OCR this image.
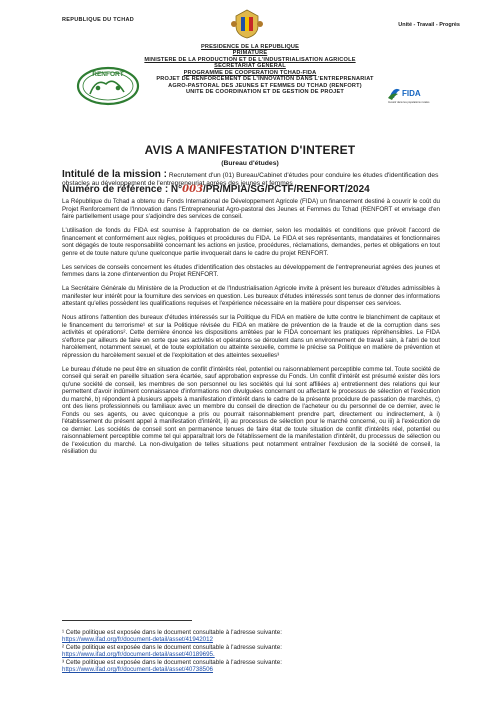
REPUBLIQUE DU TCHAD
Unité - Travail - Progrès
PRESIDENCE DE LA REPUBLIQUE
PRIMATURE
MINISTERE DE LA PRODUCTION ET DE L'INDUSTRIALISATION AGRICOLE
SECRETARIAT GENERAL
PROGRAMME DE COOPERATION TCHAD-FIDA
RENFORT
PROJET DE RENFORCEMENT DE L'INNOVATION DANS L'ENTREPRENARIAT
AGRO-PASTORAL DES JEUNES ET FEMMES DU TCHAD (RENFORT)
UNITE DE COORDINATION ET DE GESTION DE PROJET	FIDA
Investir dans les populations rurales
AVIS A MANIFESTATION D'INTERET
(Bureau d'études)
Intitulé de la mission : Recrutement d'un (01) Bureau/Cabinet d'études pour conduire les études d'identification des obstacles au développement de l'entrepreneuriat agrées des jeunes et femmes
Numéro de référence : N°003/PR/MPIA/SG/PCTF/RENFORT/2024

La République du Tchad a obtenu du Fonds International de Développement Agricole (FIDA) un financement destiné à couvrir le coût du Projet Renforcement de l'Innovation dans l'Entrepreneuriat Agro-pastoral des Jeunes et Femmes du Tchad (RENFORT et envisage d'en faire partiellement usage pour s'adjoindre des services de conseil.

L'utilisation de fonds du FIDA est soumise à l'approbation de ce dernier, selon les modalités et conditions que prévoit l'accord de financement et conformément aux règles, politiques et procédures du FIDA. Le FIDA et ses représentants, mandataires et fonctionnaires sont dégagés de toute responsabilité concernant les actions en justice, procédures, réclamations, demandes, pertes et obligations en tout genre et de toute nature qu'une quelconque partie invoquerait dans le cadre du projet RENFORT.

Les services de conseils concernent les études d'identification des obstacles au développement de l'entrepreneuriat agrées des jeunes et femmes dans la zone d'intervention du Projet RENFORT.

La Secrétaire Générale du Ministère de la Production et de l'Industrialisation Agricole invite à présent les bureaux d'études admissibles à manifester leur intérêt pour la fourniture des services en question. Les bureaux d'études intéressés sont tenus de donner des informations attestant qu'elles possèdent les qualifications requises et l'expérience nécessaire en la matière pour dispenser ces services.

Nous attirons l'attention des bureaux d'études intéressés sur la Politique du FIDA en matière de lutte contre le blanchiment de capitaux et le financement du terrorisme¹ et sur la Politique révisée du FIDA en matière de prévention de la fraude et de la corruption dans ses activités et opérations². Cette dernière énonce les dispositions arrêtées par le FIDA concernant les pratiques répréhensibles. Le FIDA s'efforce par ailleurs de faire en sorte que ses activités et opérations se déroulent dans un environnement de travail sain, à l'abri de tout harcèlement, notamment sexuel, et de toute exploitation ou atteinte sexuelle, comme le précise sa Politique en matière de prévention et répression du harcèlement sexuel et de l'exploitation et des atteintes sexuelles³

Le bureau d'étude ne peut être en situation de conflit d'intérêts réel, potentiel ou raisonnablement perceptible comme tel. Toute société de conseil qui serait en pareille situation sera écartée, sauf approbation expresse du Fonds. Un conflit d'intérêt est présumé exister dès lors qu'une société de conseil, les membres de son personnel ou les sociétés qui lui sont affiliées a) entretiennent des relations qui leur permettent d'avoir indûment connaissance d'informations non divulguées concernant ou affectant le processus de sélection et l'exécution du marché, b) répondent à plusieurs appels à manifestation d'intérêt dans le cadre de la présente procédure de passation de marchés, c) ont des liens professionnels ou familiaux avec un membre du conseil de direction de l'acheteur ou du personnel de ce dernier, avec le Fonds ou ses agents, ou avec quiconque a pris ou pourrait raisonnablement prendre part, directement ou indirectement, à i) l'établissement du présent appel à manifestation d'intérêt, ii) au processus de sélection pour le marché concerné, ou iii) à l'exécution de ce dernier. Les sociétés de conseil sont en permanence tenues de faire état de toute situation de conflit d'intérêts réel, potentiel ou raisonnablement perceptible comme tel qui apparaîtrait lors de l'établissement de la manifestation d'intérêt, du processus de sélection ou de l'exécution du marché. La non-divulgation de telles situations peut notamment entraîner l'exclusion de la société de conseil, la résiliation du

¹ Cette politique est exposée dans le document consultable à l'adresse suivante:
https://www.ifad.org/fr/document-detail/asset/41942012
² Cette politique est exposée dans le document consultable à l'adresse suivante:
https://www.ifad.org/fr/document-detail/asset/40189695.
³ Cette politique est exposée dans le document consultable à l'adresse suivante:
https://www.ifad.org/fr/document-detail/asset/40738506
